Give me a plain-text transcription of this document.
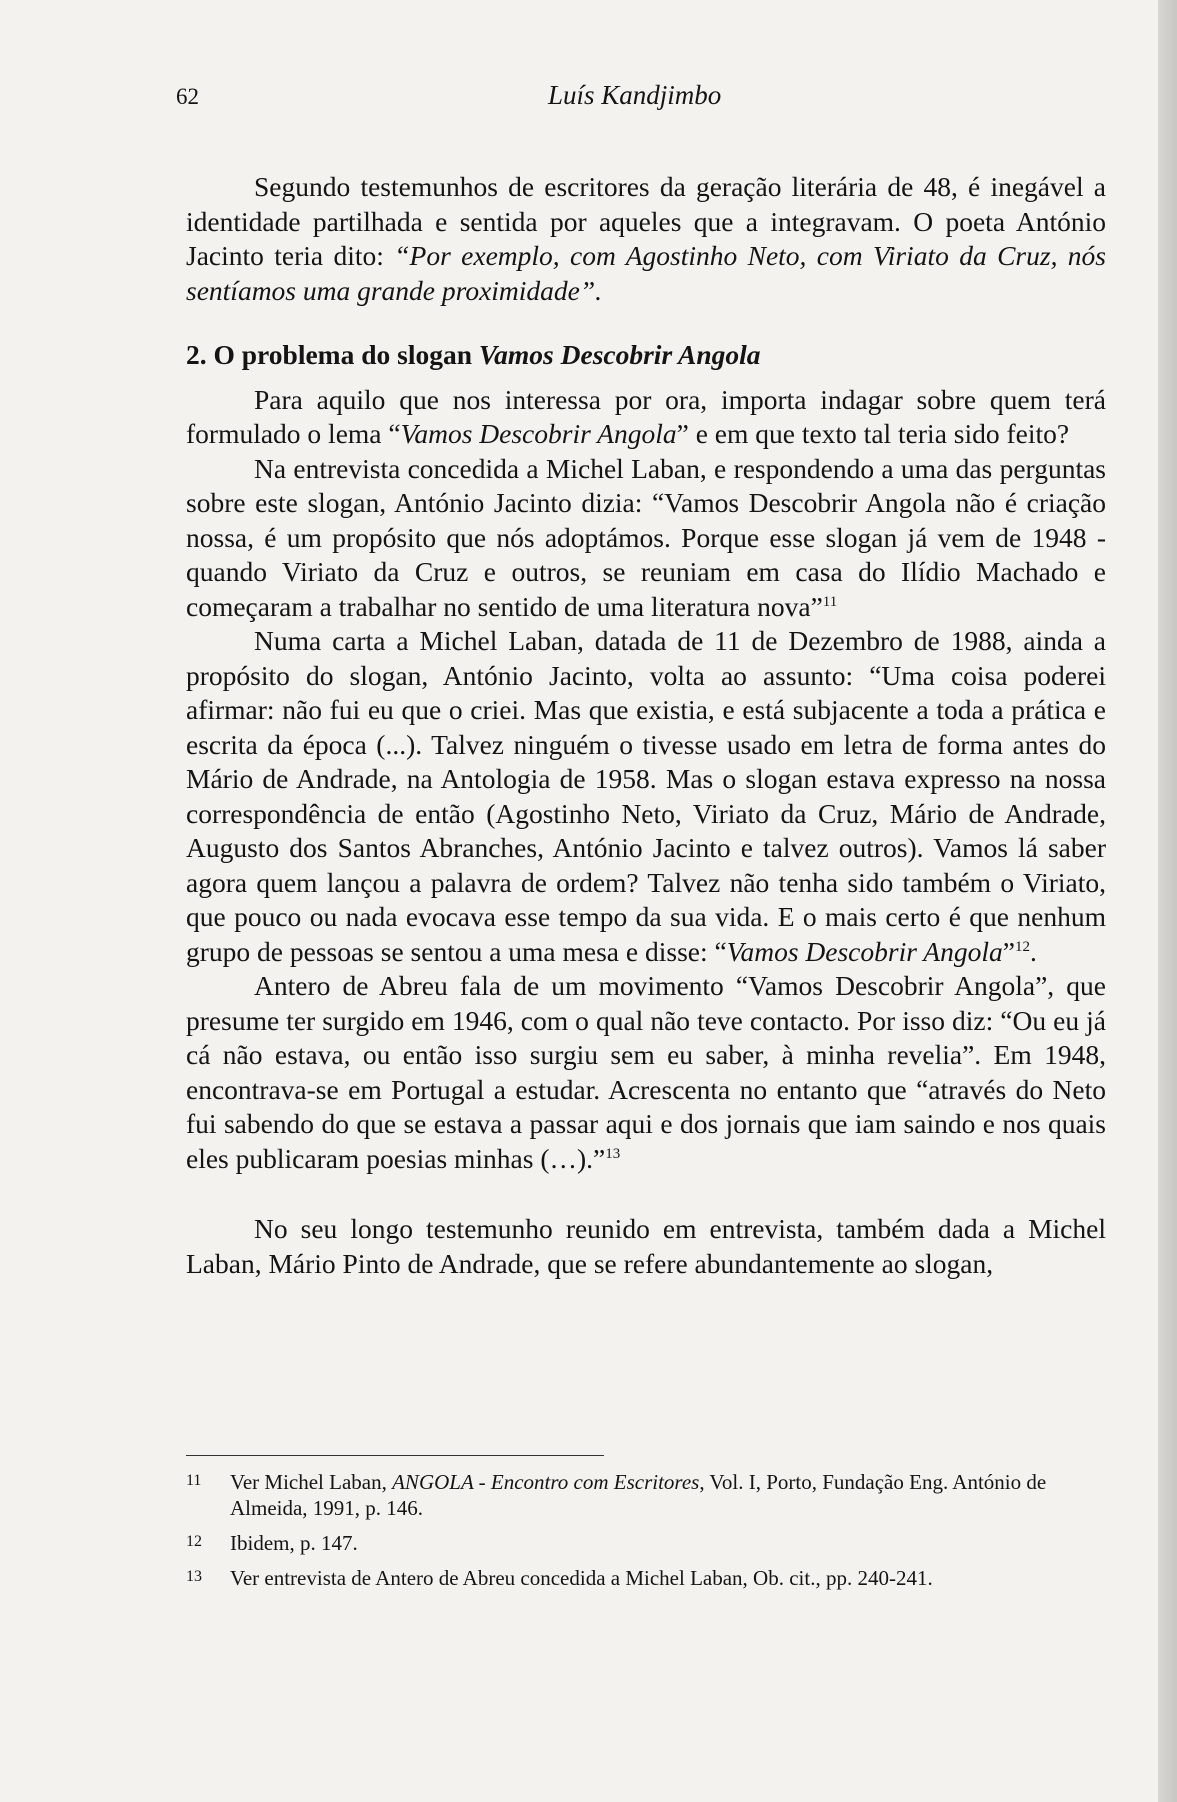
62	Luís Kandjimbo

Segundo testemunhos de escritores da geração literária de 48, é inegável a identidade partilhada e sentida por aqueles que a integravam. O poeta António Jacinto teria dito: “Por exemplo, com Agostinho Neto, com Viriato da Cruz, nós sentíamos uma grande proximidade”.

2. O problema do slogan Vamos Descobrir Angola

Para aquilo que nos interessa por ora, importa indagar sobre quem terá formulado o lema “Vamos Descobrir Angola” e em que texto tal teria sido feito?

Na entrevista concedida a Michel Laban, e respondendo a uma das perguntas sobre este slogan, António Jacinto dizia: “Vamos Descobrir Angola não é criação nossa, é um propósito que nós adoptámos. Porque esse slogan já vem de 1948 - quando Viriato da Cruz e outros, se reuniam em casa do Ilídio Machado e começaram a trabalhar no sentido de uma literatura nova”$^{11}$

Numa carta a Michel Laban, datada de 11 de Dezembro de 1988, ainda a propósito do slogan, António Jacinto, volta ao assunto: “Uma coisa poderei afirmar: não fui eu que o criei. Mas que existia, e está subjacente a toda a prática e escrita da época (...). Talvez ninguém o tivesse usado em letra de forma antes do Mário de Andrade, na Antologia de 1958. Mas o slogan estava expresso na nossa correspondência de então (Agostinho Neto, Viriato da Cruz, Mário de Andrade, Augusto dos Santos Abranches, António Jacinto e talvez outros). Vamos lá saber agora quem lançou a palavra de ordem? Talvez não tenha sido também o Viriato, que pouco ou nada evocava esse tempo da sua vida. E o mais certo é que nenhum grupo de pessoas se sentou a uma mesa e disse: “Vamos Descobrir Angola”$^{12}$.

Antero de Abreu fala de um movimento “Vamos Descobrir Angola”, que presume ter surgido em 1946, com o qual não teve contacto. Por isso diz: “Ou eu já cá não estava, ou então isso surgiu sem eu saber, à minha revelia”. Em 1948, encontrava-se em Portugal a estudar. Acrescenta no entanto que “através do Neto fui sabendo do que se estava a passar aqui e dos jornais que iam saindo e nos quais eles publicaram poesias minhas (…).”$^{13}$

No seu longo testemunho reunido em entrevista, também dada a Michel Laban, Mário Pinto de Andrade, que se refere abundantemente ao slogan,

11 Ver Michel Laban, ANGOLA - Encontro com Escritores, Vol. I, Porto, Fundação Eng. António de Almeida, 1991, p. 146.

12 Ibidem, p. 147.

13 Ver entrevista de Antero de Abreu concedida a Michel Laban, Ob. cit., pp. 240-241.
